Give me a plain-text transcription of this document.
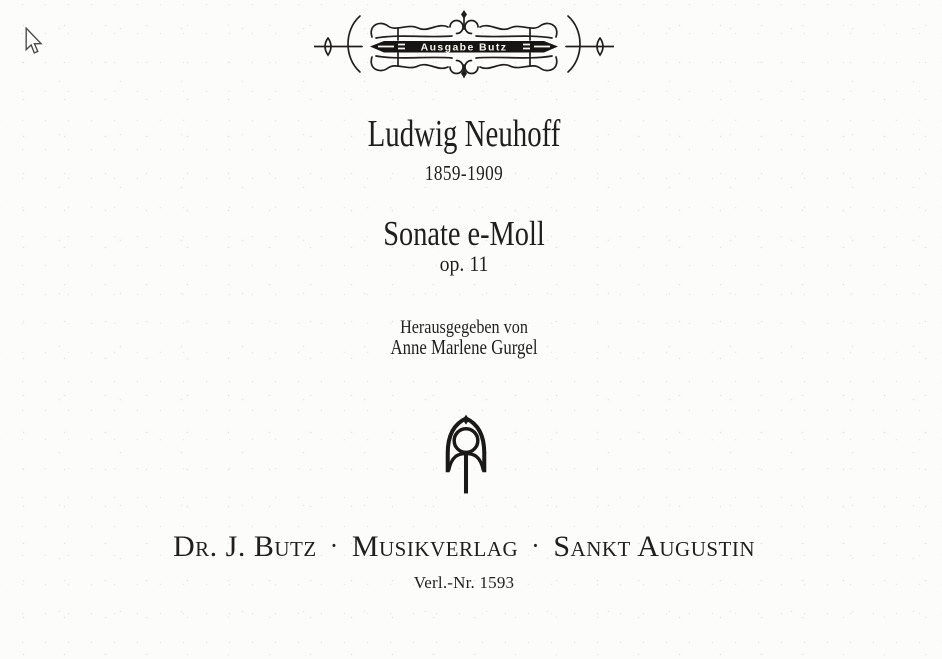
Ausgabe Butz
Ludwig Neuhoff
1859-1909
Sonate e-Moll
op. 11
Herausgegeben von
Anne Marlene Gurgel
Dr. J. Butz · Musikverlag · Sankt Augustin
Verl.-Nr. 1593
